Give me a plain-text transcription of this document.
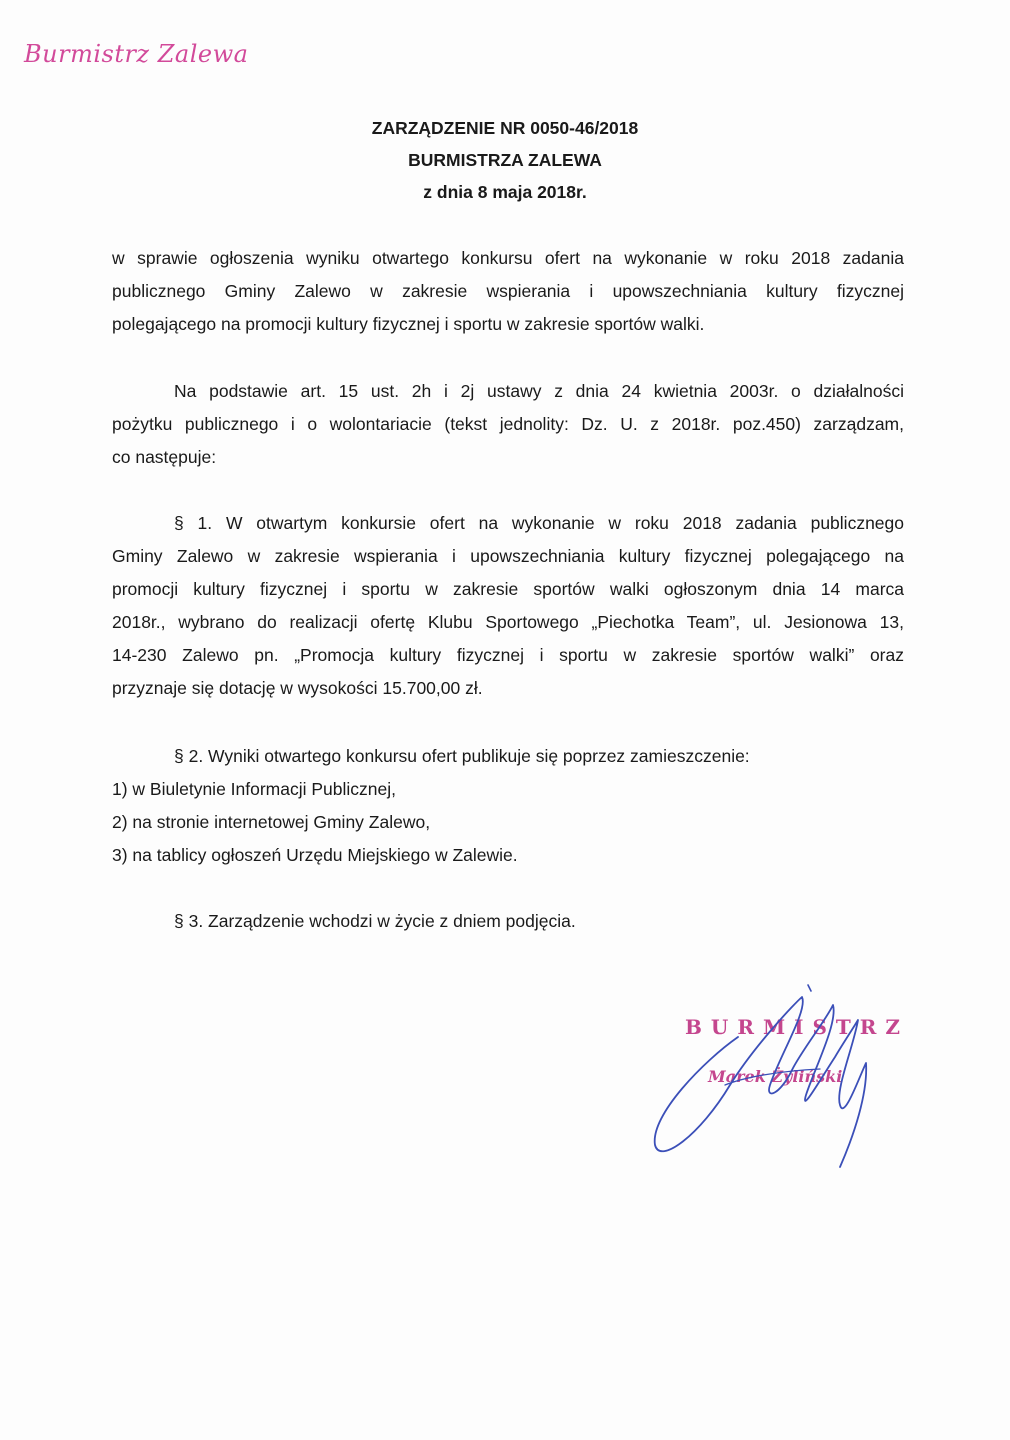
Burmistrz Zalewa
ZARZĄDZENIE NR 0050-46/2018
BURMISTRZA ZALEWA
z dnia 8 maja 2018r.
w sprawie ogłoszenia wyniku otwartego konkursu ofert na wykonanie w roku 2018 zadania
publicznego Gminy Zalewo w zakresie wspierania i upowszechniania kultury fizycznej
polegającego na promocji kultury fizycznej i sportu w zakresie sportów walki.
Na podstawie art. 15 ust. 2h i 2j ustawy z dnia 24 kwietnia 2003r. o działalności
pożytku publicznego i o wolontariacie (tekst jednolity: Dz. U. z 2018r. poz.450) zarządzam,
co następuje:
§ 1. W otwartym konkursie ofert na wykonanie w roku 2018 zadania publicznego
Gminy Zalewo w zakresie wspierania i upowszechniania kultury fizycznej polegającego na
promocji kultury fizycznej i sportu w zakresie sportów walki ogłoszonym dnia 14 marca
2018r., wybrano do realizacji ofertę Klubu Sportowego „Piechotka Team”, ul. Jesionowa 13,
14-230 Zalewo pn. „Promocja kultury fizycznej i sportu w zakresie sportów walki” oraz
przyznaje się dotację w wysokości 15.700,00 zł.
§ 2. Wyniki otwartego konkursu ofert publikuje się poprzez zamieszczenie:
1) w Biuletynie Informacji Publicznej,
2) na stronie internetowej Gminy Zalewo,
3) na tablicy ogłoszeń Urzędu Miejskiego w Zalewie.
§ 3. Zarządzenie wchodzi w życie z dniem podjęcia.
BURMISTRZ
Marek Żyliński
